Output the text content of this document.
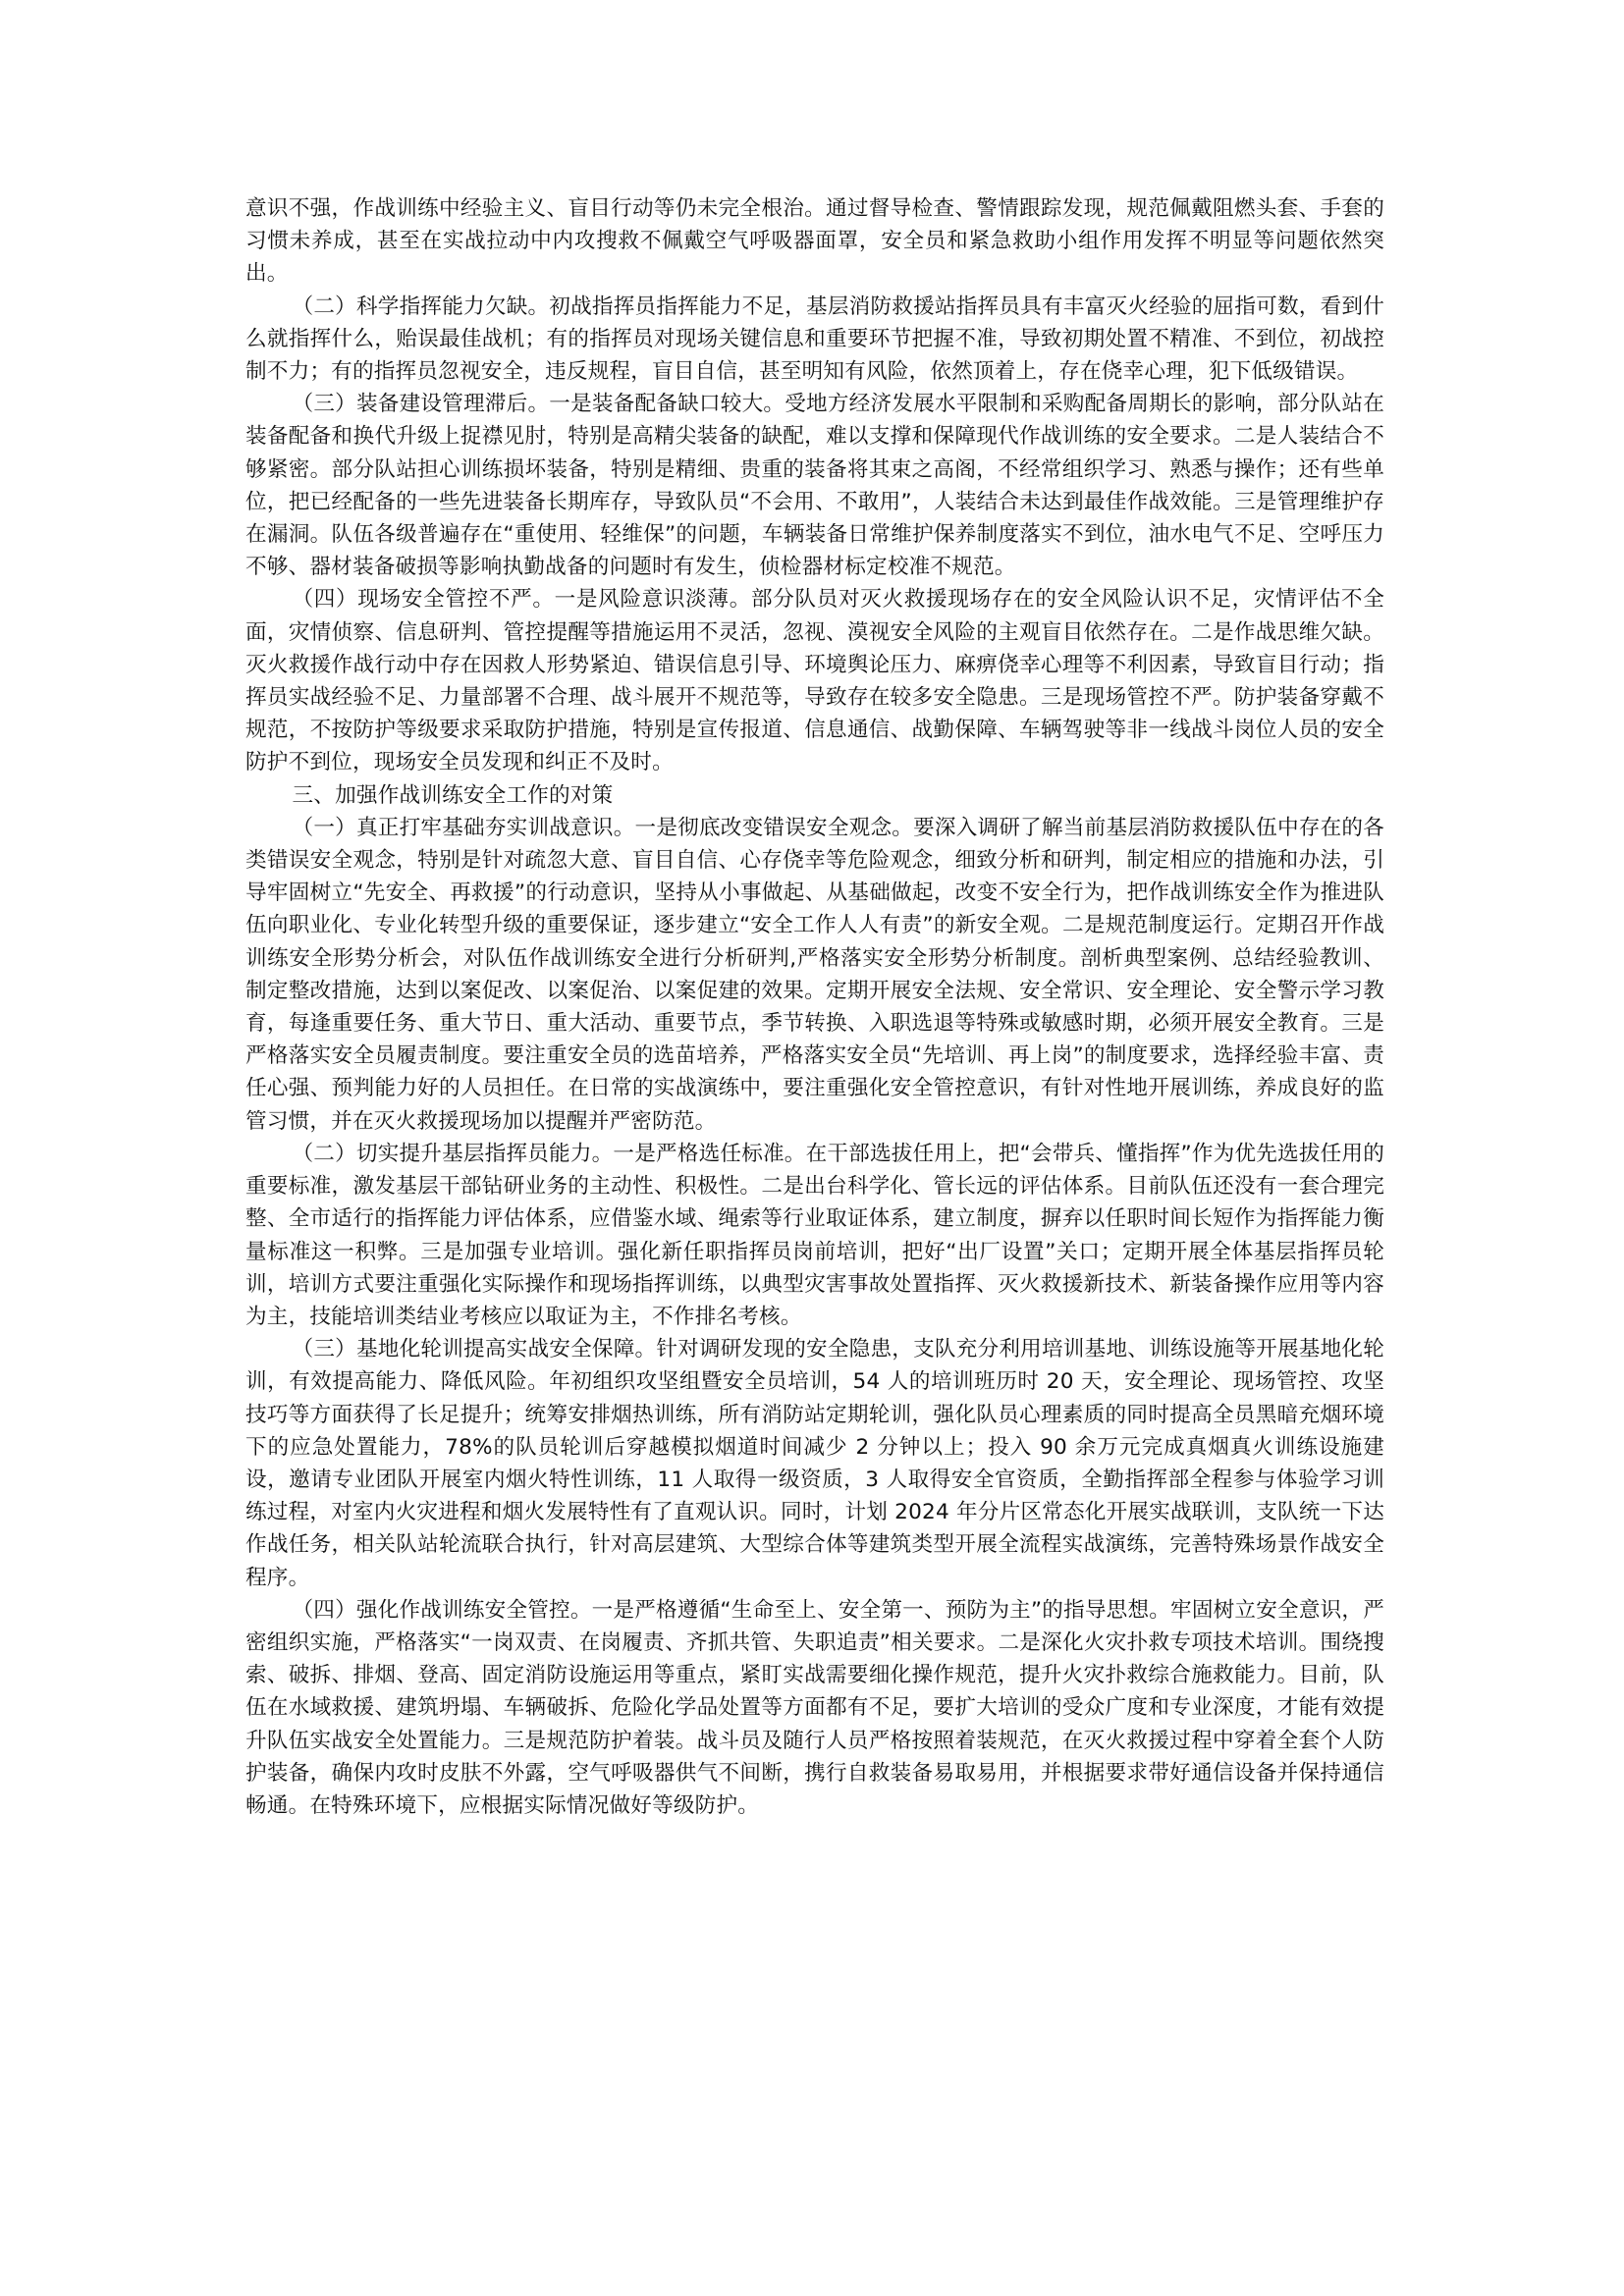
意识不强，作战训练中经验主义、盲目行动等仍未完全根治。通过督导检查、警情跟踪发现，规范佩戴阻燃头套、手套的习惯未养成，甚至在实战拉动中内攻搜救不佩戴空气呼吸器面罩，安全员和紧急救助小组作用发挥不明显等问题依然突出。

（二）科学指挥能力欠缺。初战指挥员指挥能力不足，基层消防救援站指挥员具有丰富灭火经验的屈指可数，看到什么就指挥什么，贻误最佳战机；有的指挥员对现场关键信息和重要环节把握不准，导致初期处置不精准、不到位，初战控制不力；有的指挥员忽视安全，违反规程，盲目自信，甚至明知有风险，依然顶着上，存在侥幸心理，犯下低级错误。

（三）装备建设管理滞后。一是装备配备缺口较大。受地方经济发展水平限制和采购配备周期长的影响，部分队站在装备配备和换代升级上捉襟见肘，特别是高精尖装备的缺配，难以支撑和保障现代作战训练的安全要求。二是人装结合不够紧密。部分队站担心训练损坏装备，特别是精细、贵重的装备将其束之高阁，不经常组织学习、熟悉与操作；还有些单位，把已经配备的一些先进装备长期库存，导致队员“不会用、不敢用”，人装结合未达到最佳作战效能。三是管理维护存在漏洞。队伍各级普遍存在“重使用、轻维保”的问题，车辆装备日常维护保养制度落实不到位，油水电气不足、空呼压力不够、器材装备破损等影响执勤战备的问题时有发生，侦检器材标定校准不规范。

（四）现场安全管控不严。一是风险意识淡薄。部分队员对灭火救援现场存在的安全风险认识不足，灾情评估不全面，灾情侦察、信息研判、管控提醒等措施运用不灵活，忽视、漠视安全风险的主观盲目依然存在。二是作战思维欠缺。灭火救援作战行动中存在因救人形势紧迫、错误信息引导、环境舆论压力、麻痹侥幸心理等不利因素，导致盲目行动；指挥员实战经验不足、力量部署不合理、战斗展开不规范等，导致存在较多安全隐患。三是现场管控不严。防护装备穿戴不规范，不按防护等级要求采取防护措施，特别是宣传报道、信息通信、战勤保障、车辆驾驶等非一线战斗岗位人员的安全防护不到位，现场安全员发现和纠正不及时。

三、加强作战训练安全工作的对策

（一）真正打牢基础夯实训战意识。一是彻底改变错误安全观念。要深入调研了解当前基层消防救援队伍中存在的各类错误安全观念，特别是针对疏忽大意、盲目自信、心存侥幸等危险观念，细致分析和研判，制定相应的措施和办法，引导牢固树立“先安全、再救援”的行动意识，坚持从小事做起、从基础做起，改变不安全行为，把作战训练安全作为推进队伍向职业化、专业化转型升级的重要保证，逐步建立“安全工作人人有责”的新安全观。二是规范制度运行。定期召开作战训练安全形势分析会，对队伍作战训练安全进行分析研判,严格落实安全形势分析制度。剖析典型案例、总结经验教训、制定整改措施，达到以案促改、以案促治、以案促建的效果。定期开展安全法规、安全常识、安全理论、安全警示学习教育，每逢重要任务、重大节日、重大活动、重要节点，季节转换、入职选退等特殊或敏感时期，必须开展安全教育。三是严格落实安全员履责制度。要注重安全员的选苗培养，严格落实安全员“先培训、再上岗”的制度要求，选择经验丰富、责任心强、预判能力好的人员担任。在日常的实战演练中，要注重强化安全管控意识，有针对性地开展训练，养成良好的监管习惯，并在灭火救援现场加以提醒并严密防范。

（二）切实提升基层指挥员能力。一是严格选任标准。在干部选拔任用上，把“会带兵、懂指挥”作为优先选拔任用的重要标准，激发基层干部钻研业务的主动性、积极性。二是出台科学化、管长远的评估体系。目前队伍还没有一套合理完整、全市适行的指挥能力评估体系，应借鉴水域、绳索等行业取证体系，建立制度，摒弃以任职时间长短作为指挥能力衡量标准这一积弊。三是加强专业培训。强化新任职指挥员岗前培训，把好“出厂设置”关口；定期开展全体基层指挥员轮训，培训方式要注重强化实际操作和现场指挥训练，以典型灾害事故处置指挥、灭火救援新技术、新装备操作应用等内容为主，技能培训类结业考核应以取证为主，不作排名考核。

（三）基地化轮训提高实战安全保障。针对调研发现的安全隐患，支队充分利用培训基地、训练设施等开展基地化轮训，有效提高能力、降低风险。年初组织攻坚组暨安全员培训，54 人的培训班历时 20 天，安全理论、现场管控、攻坚技巧等方面获得了长足提升；统筹安排烟热训练，所有消防站定期轮训，强化队员心理素质的同时提高全员黑暗充烟环境下的应急处置能力，78%的队员轮训后穿越模拟烟道时间减少 2 分钟以上；投入 90 余万元完成真烟真火训练设施建设，邀请专业团队开展室内烟火特性训练，11 人取得一级资质，3 人取得安全官资质，全勤指挥部全程参与体验学习训练过程，对室内火灾进程和烟火发展特性有了直观认识。同时，计划 2024 年分片区常态化开展实战联训，支队统一下达作战任务，相关队站轮流联合执行，针对高层建筑、大型综合体等建筑类型开展全流程实战演练，完善特殊场景作战安全程序。

（四）强化作战训练安全管控。一是严格遵循“生命至上、安全第一、预防为主”的指导思想。牢固树立安全意识，严密组织实施，严格落实“一岗双责、在岗履责、齐抓共管、失职追责”相关要求。二是深化火灾扑救专项技术培训。围绕搜索、破拆、排烟、登高、固定消防设施运用等重点，紧盯实战需要细化操作规范，提升火灾扑救综合施救能力。目前，队伍在水域救援、建筑坍塌、车辆破拆、危险化学品处置等方面都有不足，要扩大培训的受众广度和专业深度，才能有效提升队伍实战安全处置能力。三是规范防护着装。战斗员及随行人员严格按照着装规范，在灭火救援过程中穿着全套个人防护装备，确保内攻时皮肤不外露，空气呼吸器供气不间断，携行自救装备易取易用，并根据要求带好通信设备并保持通信畅通。在特殊环境下，应根据实际情况做好等级防护。
